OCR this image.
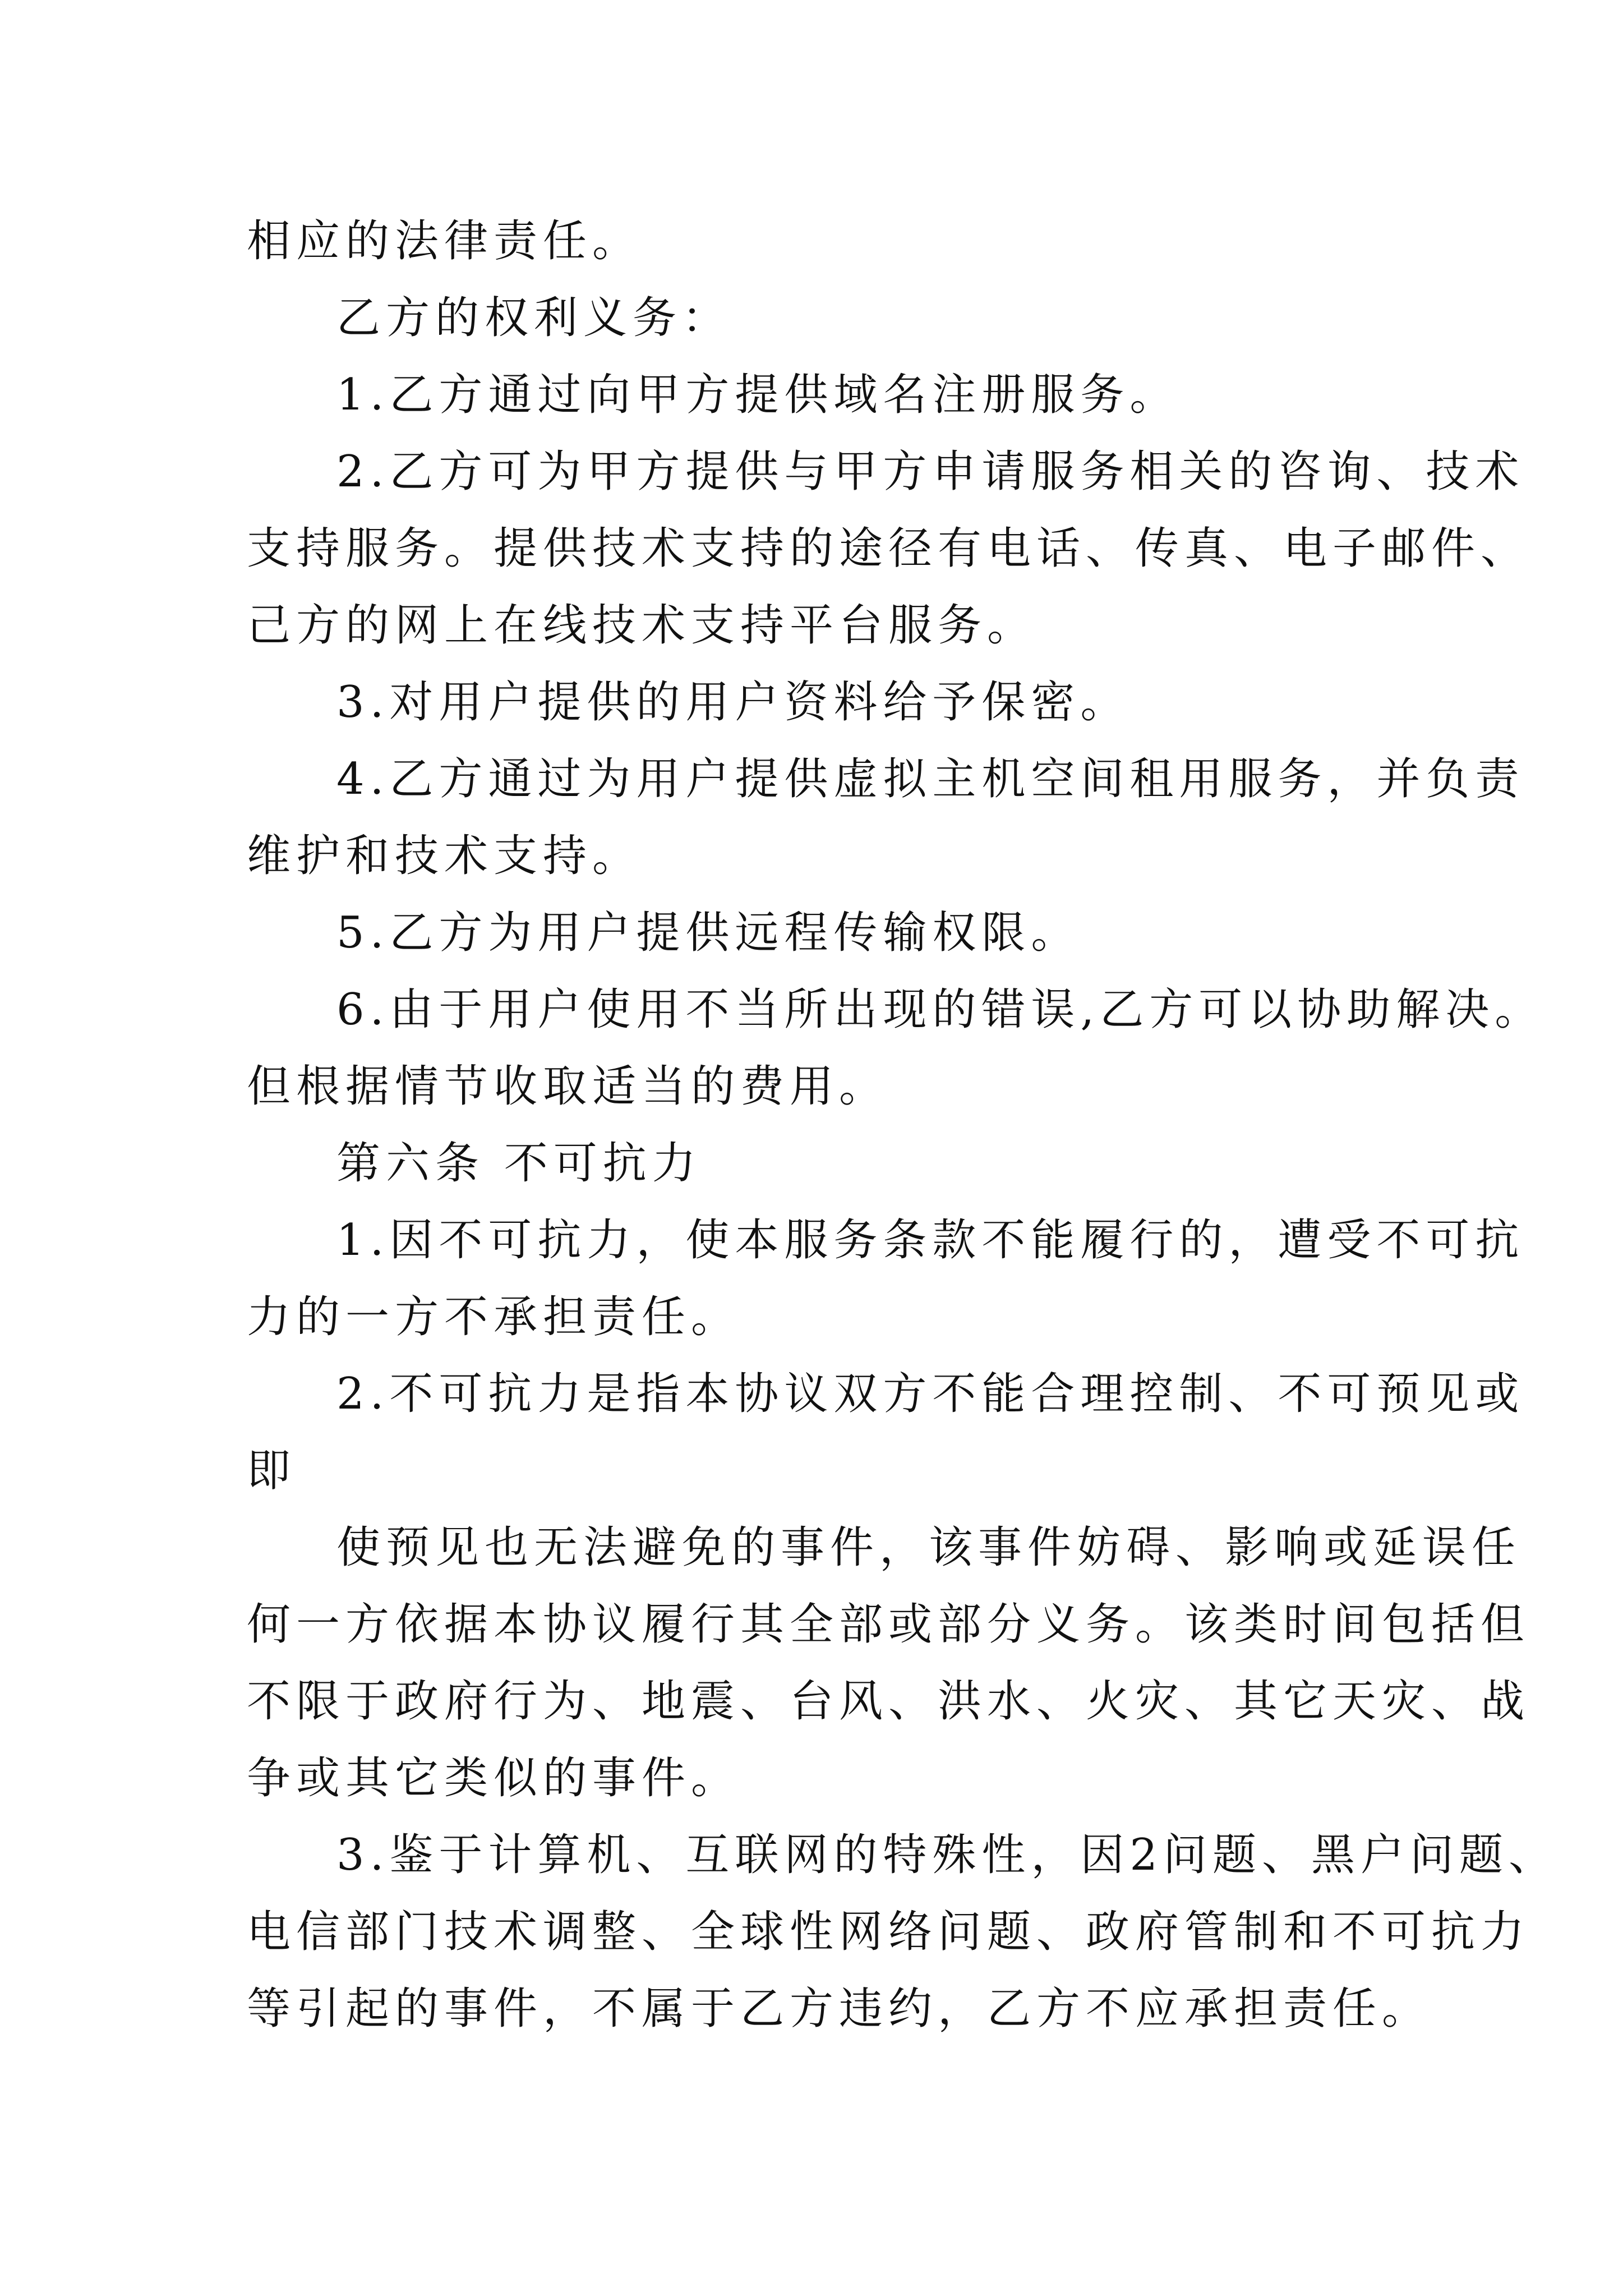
相应的法律责任。
乙方的权利义务：
1.乙方通过向甲方提供域名注册服务。
2.乙方可为甲方提供与甲方申请服务相关的咨询、技术
支持服务。提供技术支持的途径有电话、传真、电子邮件、
己方的网上在线技术支持平台服务。
3.对用户提供的用户资料给予保密。
4.乙方通过为用户提供虚拟主机空间租用服务，并负责
维护和技术支持。
5.乙方为用户提供远程传输权限。
6.由于用户使用不当所出现的错误,乙方可以协助解决。
但根据情节收取适当的费用。
第六条 不可抗力
1.因不可抗力，使本服务条款不能履行的，遭受不可抗
力的一方不承担责任。
2.不可抗力是指本协议双方不能合理控制、不可预见或
即
使预见也无法避免的事件，该事件妨碍、影响或延误任
何一方依据本协议履行其全部或部分义务。该类时间包括但
不限于政府行为、地震、台风、洪水、火灾、其它天灾、战
争或其它类似的事件。
3.鉴于计算机、互联网的特殊性，因2问题、黑户问题、
电信部门技术调整、全球性网络问题、政府管制和不可抗力
等引起的事件，不属于乙方违约，乙方不应承担责任。
